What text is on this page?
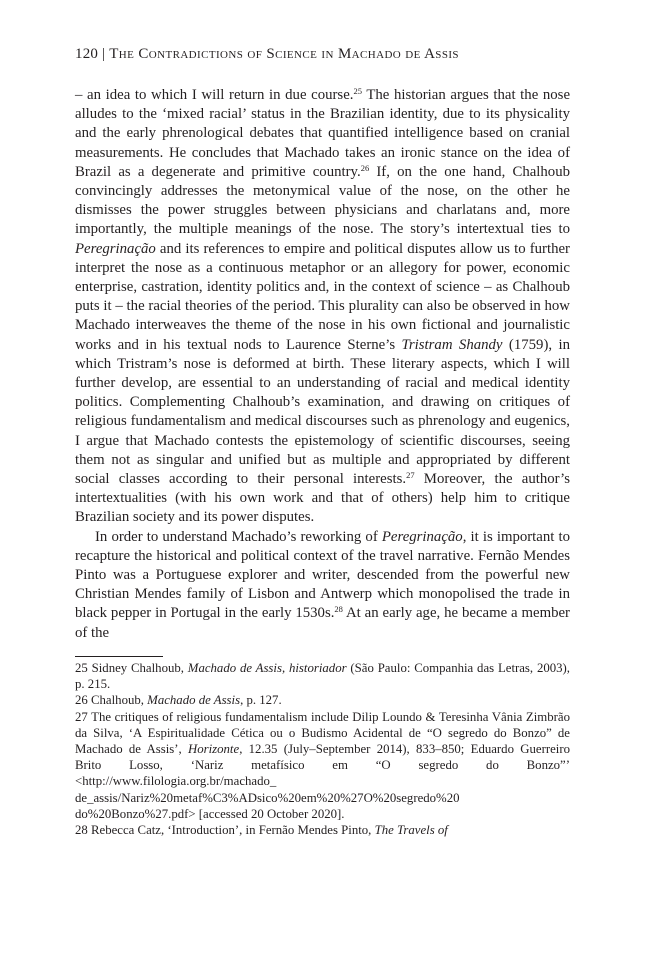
120 | The Contradictions of Science in Machado de Assis

– an idea to which I will return in due course.$^{25}$ The historian argues that the nose alludes to the ‘mixed racial’ status in the Brazilian identity, due to its physicality and the early phrenological debates that quantified intelligence based on cranial measurements. He concludes that Machado takes an ironic stance on the idea of Brazil as a degenerate and primitive country.$^{26}$ If, on the one hand, Chalhoub convincingly addresses the metonymical value of the nose, on the other he dismisses the power struggles between physicians and charlatans and, more importantly, the multiple meanings of the nose. The story’s intertextual ties to Peregrinação and its references to empire and political disputes allow us to further interpret the nose as a continuous metaphor or an allegory for power, economic enterprise, castration, identity politics and, in the context of science – as Chalhoub puts it – the racial theories of the period. This plurality can also be observed in how Machado interweaves the theme of the nose in his own fictional and journalistic works and in his textual nods to Laurence Sterne’s Tristram Shandy (1759), in which Tristram’s nose is deformed at birth. These literary aspects, which I will further develop, are essential to an understanding of racial and medical identity politics. Complementing Chalhoub’s examination, and drawing on critiques of religious fundamentalism and medical discourses such as phrenology and eugenics, I argue that Machado contests the epistemology of scientific discourses, seeing them not as singular and unified but as multiple and appropriated by different social classes according to their personal interests.$^{27}$ Moreover, the author’s intertextualities (with his own work and that of others) help him to critique Brazilian society and its power disputes.

In order to understand Machado’s reworking of Peregrinação, it is important to recapture the historical and political context of the travel narrative. Fernão Mendes Pinto was a Portuguese explorer and writer, descended from the powerful new Christian Mendes family of Lisbon and Antwerp which monopolised the trade in black pepper in Portugal in the early 1530s.$^{28}$ At an early age, he became a member of the

25 Sidney Chalhoub, Machado de Assis, historiador (São Paulo: Companhia das Letras, 2003), p. 215.

26 Chalhoub, Machado de Assis, p. 127.

27 The critiques of religious fundamentalism include Dilip Loundo & Teresinha Vânia Zimbrão da Silva, ‘A Espiritualidade Cética ou o Budismo Acidental de “O segredo do Bonzo” de Machado de Assis’, Horizonte, 12.35 (July–September 2014), 833–850; Eduardo Guerreiro Brito Losso, ‘Nariz metafísico em “O segredo do Bonzo”’ <http://www.filologia.org.br/machado_ de_assis/Nariz%20metaf%C3%ADsico%20em%20%27O%20segredo%20 do%20Bonzo%27.pdf> [accessed 20 October 2020].

28 Rebecca Catz, ‘Introduction’, in Fernão Mendes Pinto, The Travels of
